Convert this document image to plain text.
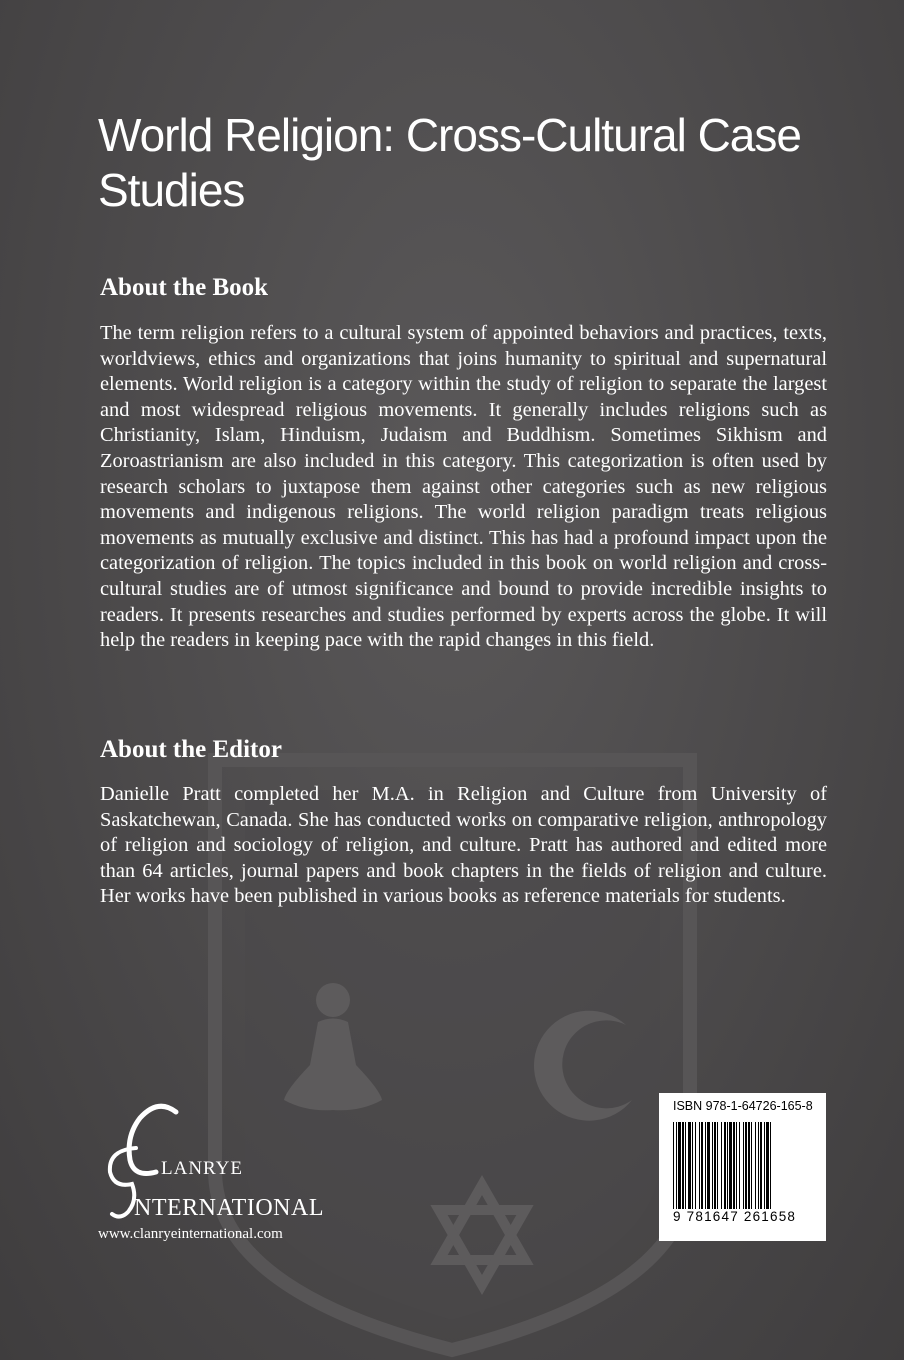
World Religion: Cross-Cultural Case Studies
About the Book

The term religion refers to a cultural system of appointed behaviors and practices, texts, worldviews, ethics and organizations that joins humanity to spiritual and supernatural elements. World religion is a category within the study of religion to separate the largest and most widespread religious movements. It generally includes religions such as Christianity, Islam, Hinduism, Judaism and Buddhism. Sometimes Sikhism and Zoroastrianism are also included in this category. This categorization is often used by research scholars to juxtapose them against other categories such as new religious movements and indigenous religions. The world religion paradigm treats religious movements as mutually exclusive and distinct. This has had a profound impact upon the categorization of religion. The topics included in this book on world religion and cross-cultural studies are of utmost significance and bound to provide incredible insights to readers. It presents researches and studies performed by experts across the globe. It will help the readers in keeping pace with the rapid changes in this field.

About the Editor

Danielle Pratt completed her M.A. in Religion and Culture from University of Saskatchewan, Canada. She has conducted works on comparative religion, anthropology of religion and sociology of religion, and culture. Pratt has authored and edited more than 64 articles, journal papers and book chapters in the fields of religion and culture. Her works have been published in various books as reference materials for students.

LANRYE
NTERNATIONAL
www.clanryeinternational.com
ISBN 978-1-64726-165-8
9 781647 261658
